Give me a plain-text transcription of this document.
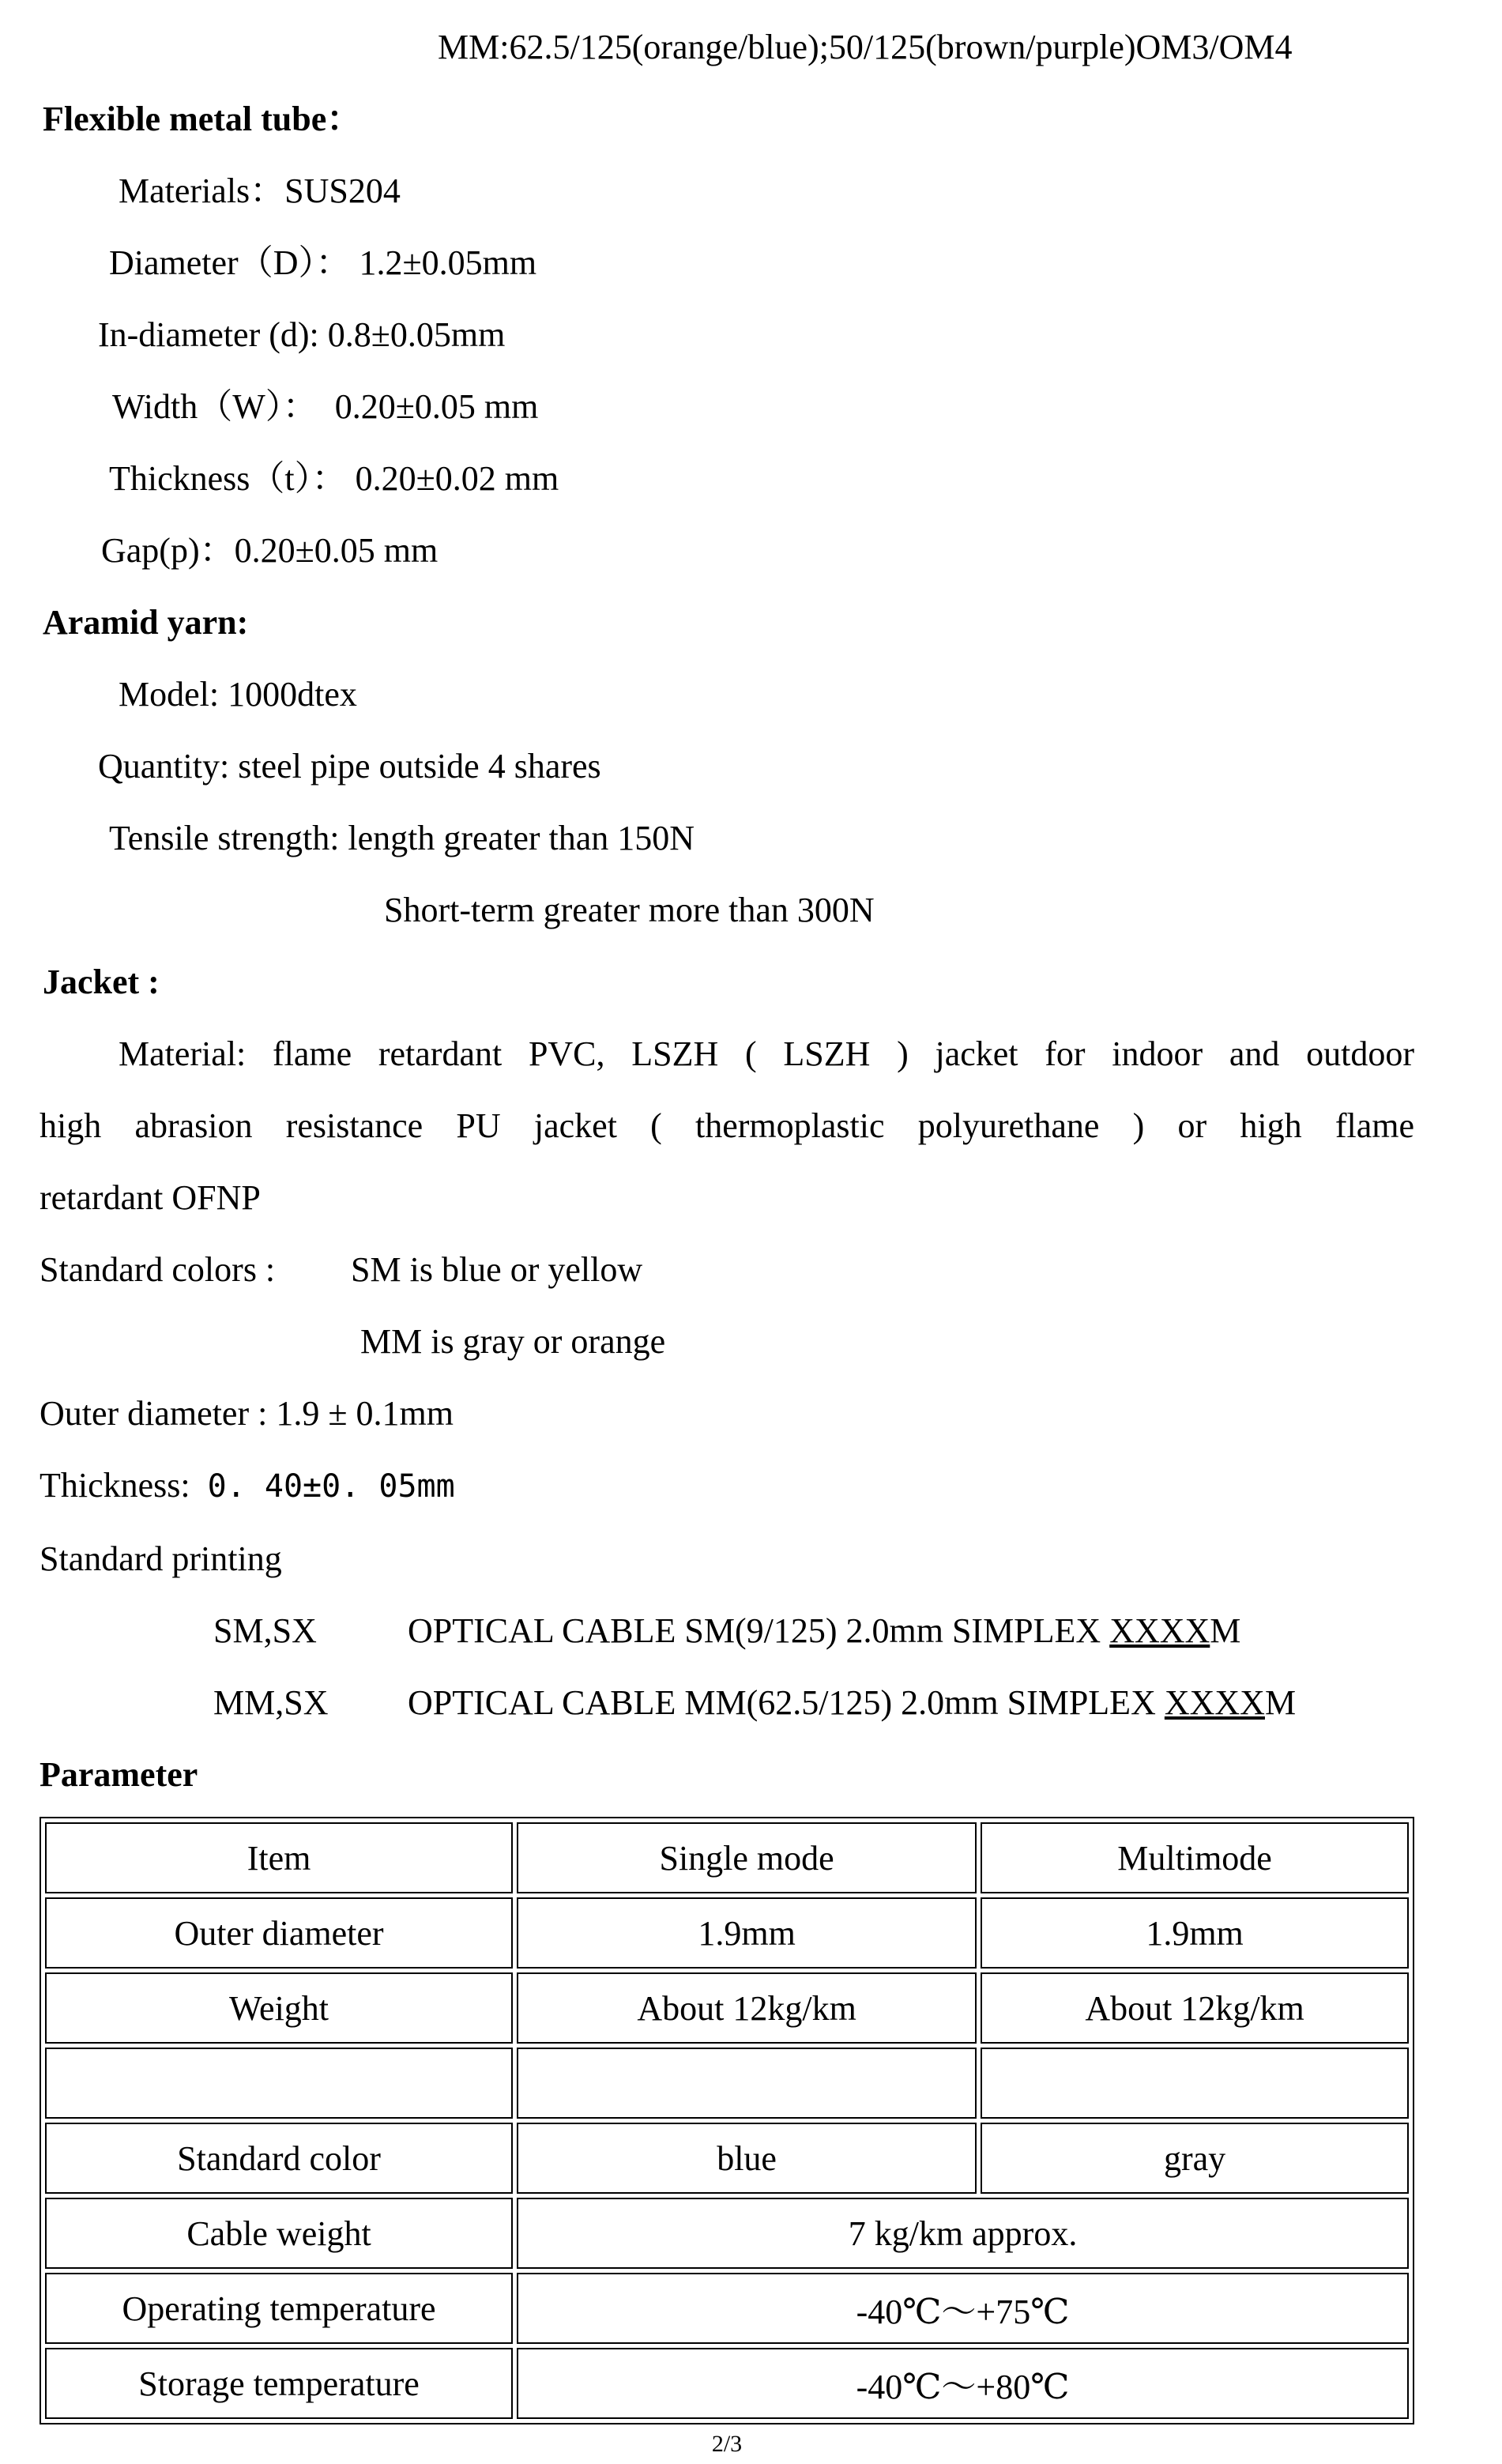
MM:62.5/125(orange/blue);50/125(brown/purple)OM3/OM4
Flexible metal tube：
Materials：SUS204
Diameter（D）： 1.2±0.05mm
In-diameter (d): 0.8±0.05mm
Width（W）：  0.20±0.05 mm
Thickness（t）： 0.20±0.02 mm
Gap(p)：0.20±0.05 mm
Aramid yarn:
Model: 1000dtex
Quantity: steel pipe outside 4 shares
Tensile strength: length greater than 150N
Short-term greater more than 300N
Jacket :
Material: flame retardant PVC, LSZH ( LSZH ) jacket for indoor and outdoor
high abrasion resistance PU jacket ( thermoplastic polyurethane ) or high flame
retardant OFNP
Standard colors : SM is blue or yellow
MM is gray or orange
Outer diameter : 1.9 ± 0.1mm
Thickness:  0. 40±0. 05mm
Standard printing
SM,SX	OPTICAL CABLE SM(9/125) 2.0mm SIMPLEX XXXXM
MM,SX OPTICAL CABLE MM(62.5/125) 2.0mm SIMPLEX XXXXM
Parameter
Item	Single mode	Multimode
Outer diameter	1.9mm	1.9mm
Weight	About 12kg/km	About 12kg/km

Standard color	blue	gray
Cable weight	7 kg/km approx.	
Operating temperature	-40℃～+75℃	
Storage temperature	-40℃～+80℃	
2/3
